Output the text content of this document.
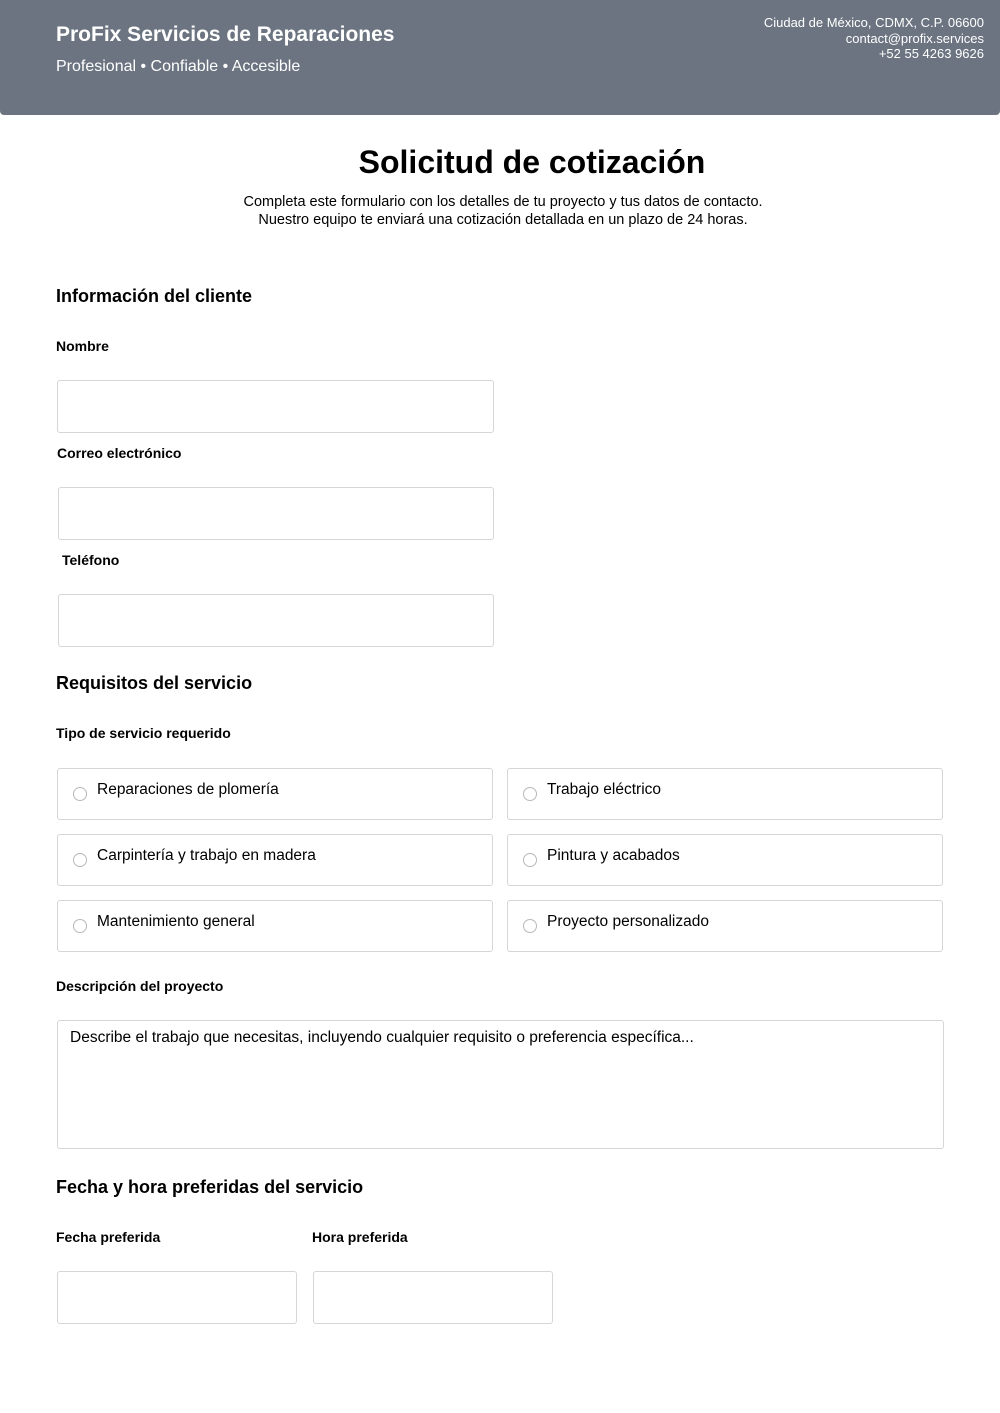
ProFix Servicios de Reparaciones
Profesional • Confiable • Accesible
Ciudad de México, CDMX, C.P. 06600
contact@profix.services
+52 55 4263 9626
Solicitud de cotización
Completa este formulario con los detalles de tu proyecto y tus datos de contacto.
Nuestro equipo te enviará una cotización detallada en un plazo de 24 horas.
Información del cliente
Nombre
Correo electrónico
Teléfono
Requisitos del servicio
Tipo de servicio requerido
Reparaciones de plomería	Trabajo eléctrico
Carpintería y trabajo en madera	Pintura y acabados
Mantenimiento general	Proyecto personalizado
Descripción del proyecto
Describe el trabajo que necesitas, incluyendo cualquier requisito o preferencia específica...
Fecha y hora preferidas del servicio
Fecha preferida	Hora preferida
